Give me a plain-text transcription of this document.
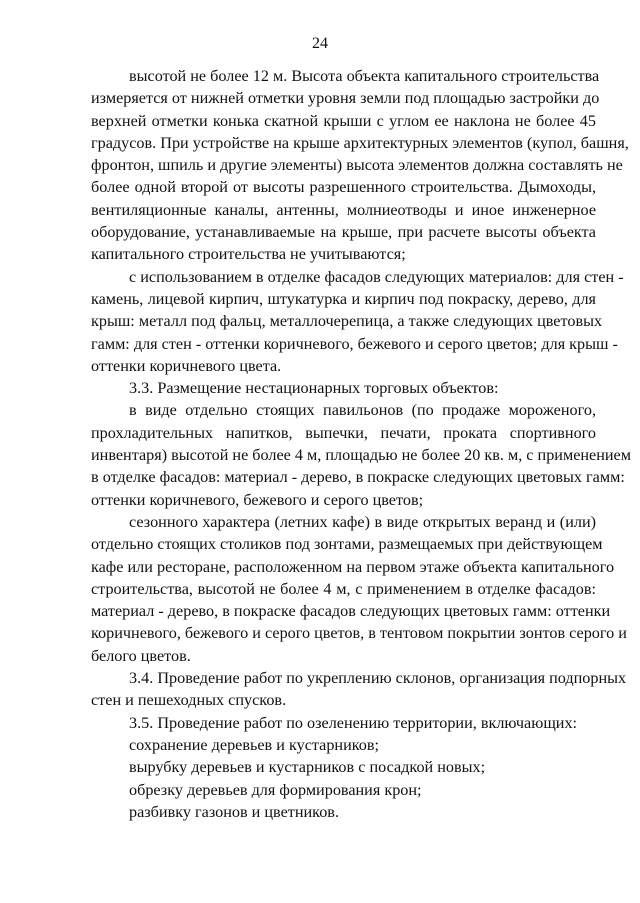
24
высотой не более 12 м. Высота объекта капитального строительства
измеряется от нижней отметки уровня земли под площадью застройки до
верхней отметки конька скатной крыши с углом ее наклона не более 45
градусов. При устройстве на крыше архитектурных элементов (купол, башня,
фронтон, шпиль и другие элементы) высота элементов должна составлять не
более одной второй от высоты разрешенного строительства. Дымоходы,
вентиляционные каналы, антенны, молниеотводы и иное инженерное
оборудование, устанавливаемые на крыше, при расчете высоты объекта
капитального строительства не учитываются;
с использованием в отделке фасадов следующих материалов: для стен -
камень, лицевой кирпич, штукатурка и кирпич под покраску, дерево, для
крыш: металл под фальц, металлочерепица, а также следующих цветовых
гамм: для стен - оттенки коричневого, бежевого и серого цветов; для крыш -
оттенки коричневого цвета.
3.3. Размещение нестационарных торговых объектов:
в виде отдельно стоящих павильонов (по продаже мороженого,
прохладительных напитков, выпечки, печати, проката спортивного
инвентаря) высотой не более 4 м, площадью не более 20 кв. м, с применением
в отделке фасадов: материал - дерево, в покраске следующих цветовых гамм:
оттенки коричневого, бежевого и серого цветов;
сезонного характера (летних кафе) в виде открытых веранд и (или)
отдельно стоящих столиков под зонтами, размещаемых при действующем
кафе или ресторане, расположенном на первом этаже объекта капитального
строительства, высотой не более 4 м, с применением в отделке фасадов:
материал - дерево, в покраске фасадов следующих цветовых гамм: оттенки
коричневого, бежевого и серого цветов, в тентовом покрытии зонтов серого и
белого цветов.
3.4. Проведение работ по укреплению склонов, организация подпорных
стен и пешеходных спусков.
3.5. Проведение работ по озеленению территории, включающих:
сохранение деревьев и кустарников;
вырубку деревьев и кустарников с посадкой новых;
обрезку деревьев для формирования крон;
разбивку газонов и цветников.
